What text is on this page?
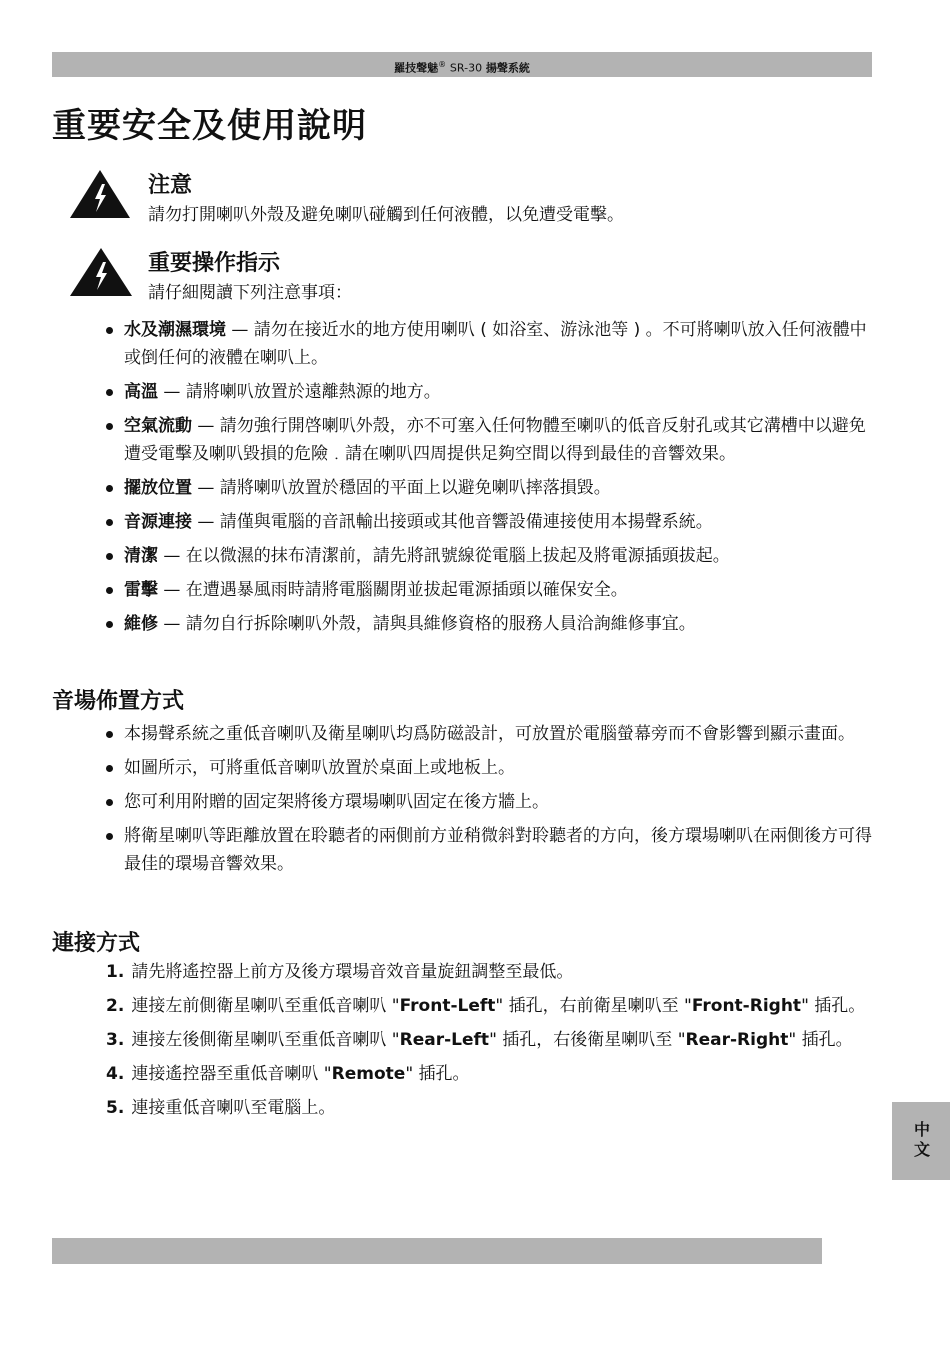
羅技聲魅® SR-30 揚聲系統
重要安全及使用說明
注意
請勿打開喇叭外殼及避免喇叭碰觸到任何液體，以免遭受電擊。
重要操作指示
請仔細閱讀下列注意事項：
水及潮濕環境 — 請勿在接近水的地方使用喇叭 ( 如浴室、游泳池等 ) 。不可將喇叭放入任何液體中或倒任何的液體在喇叭上。
高溫 — 請將喇叭放置於遠離熱源的地方。
空氣流動 — 請勿強行開啓喇叭外殼，亦不可塞入任何物體至喇叭的低音反射孔或其它溝槽中以避免遭受電擊及喇叭毀損的危險﹒請在喇叭四周提供足夠空間以得到最佳的音響效果。
擺放位置 — 請將喇叭放置於穩固的平面上以避免喇叭摔落損毀。
音源連接 — 請僅與電腦的音訊輸出接頭或其他音響設備連接使用本揚聲系統。
清潔 — 在以微濕的抹布清潔前，請先將訊號線從電腦上拔起及將電源插頭拔起。
雷擊 — 在遭遇暴風雨時請將電腦關閉並拔起電源插頭以確保安全。
維修 — 請勿自行拆除喇叭外殼，請與具維修資格的服務人員洽詢維修事宜。
音場佈置方式
本揚聲系統之重低音喇叭及衛星喇叭均爲防磁設計，可放置於電腦螢幕旁而不會影響到顯示畫面。
如圖所示，可將重低音喇叭放置於桌面上或地板上。
您可利用附贈的固定架將後方環場喇叭固定在後方牆上。
將衛星喇叭等距離放置在聆聽者的兩側前方並稍微斜對聆聽者的方向，後方環場喇叭在兩側後方可得最佳的環場音響效果。
連接方式
1. 請先將遙控器上前方及後方環場音效音量旋鈕調整至最低。
2. 連接左前側衛星喇叭至重低音喇叭 "Front-Left" 插孔，右前衛星喇叭至 "Front-Right" 插孔。
3. 連接左後側衛星喇叭至重低音喇叭 "Rear-Left" 插孔，右後衛星喇叭至 "Rear-Right" 插孔。
4. 連接遙控器至重低音喇叭 "Remote" 插孔。
5. 連接重低音喇叭至電腦上。
中文
